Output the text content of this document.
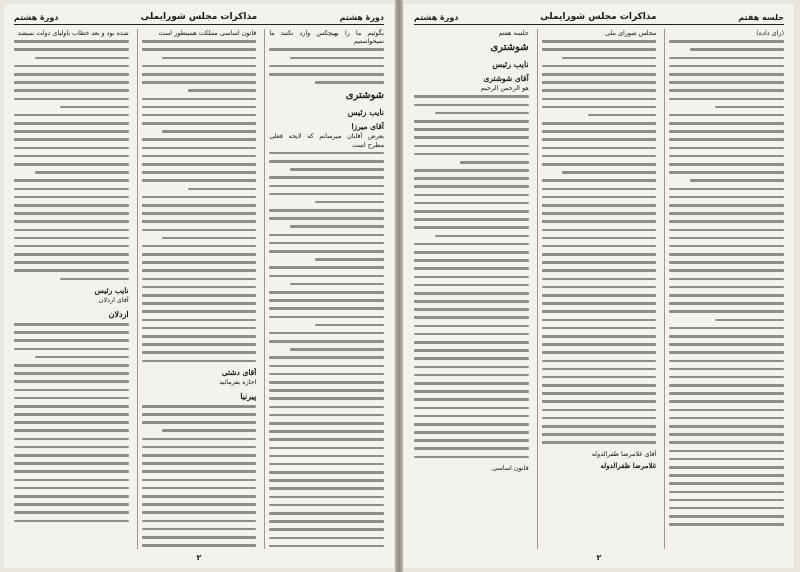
دورهٔ هشتم
مذاکرات مجلس شورایملی
دورهٔ هشتم

بگوئیم ما را بهیچکس وارد نکنند ما نمیخواستیم

شوشتری
نایب رئیس
آقای میرزا

بعرض آقایان میرسانم که لایحه فعلی مطرح است

قانون اساسی مملکت همینطور است

آقای دشتی

اجازه بفرمائید

پیرنیا

شده بود و بعد خطاب باولیای دولت نمیشد

نایب رئیس

آقای اردلان

اردلان
۲
جلسه هفتم
مذاکرات مجلس شورایملی
دورهٔ هشتم

(رای داده)

مجلس شورای ملی

آقای غلامرضا ظفرالدوله

غلامرضا ظفرالدوله

جلسه هفتم

شوشتری
نایب رئیس
آقای شوشتری

هو الرحمن الرحیم

قانون اساسی

۲
